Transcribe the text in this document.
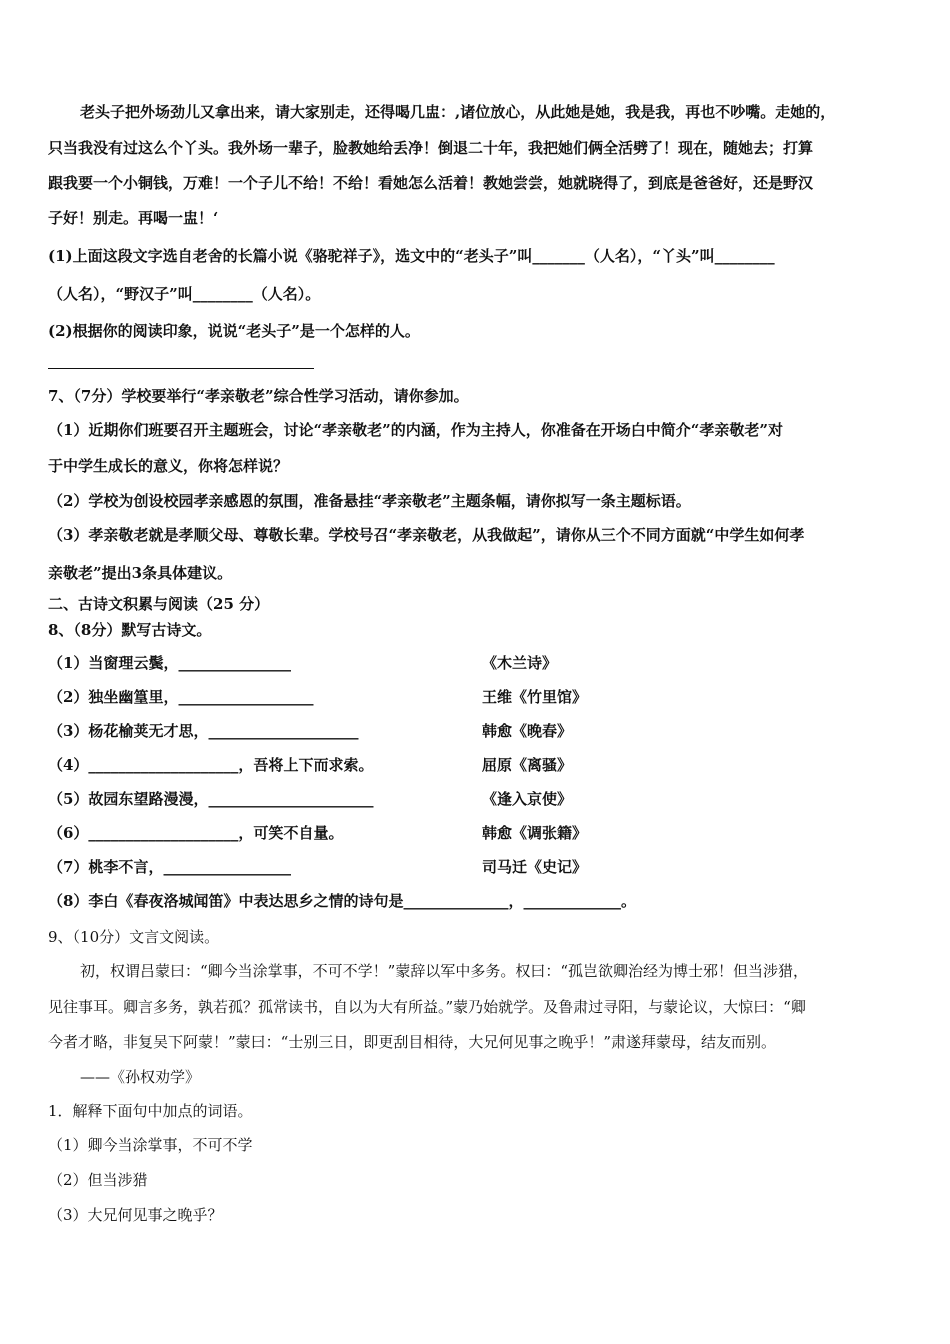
老头子把外场劲儿又拿出来，请大家别走，还得喝几盅：,诸位放心，从此她是她，我是我，再也不吵嘴。走她的，
只当我没有过这么个丫头。我外场一辈子，脸教她给丢净！倒退二十年，我把她们俩全活劈了！现在，随她去；打算
跟我要一个小铜钱，万难！一个子儿不给！不给！看她怎么活着！教她尝尝，她就晓得了，到底是爸爸好，还是野汉
子好！别走。再喝一盅！‘
(1)上面这段文字选自老舍的长篇小说《骆驼祥子》，选文中的“老头子”叫_______（人名），“丫头”叫________
（人名），“野汉子”叫________（人名）。
(2)根据你的阅读印象，说说“老头子”是一个怎样的人。
7、（7分）学校要举行“孝亲敬老”综合性学习活动，请你参加。
（1）近期你们班要召开主题班会，讨论“孝亲敬老”的内涵，作为主持人，你准备在开场白中简介“孝亲敬老”对
于中学生成长的意义，你将怎样说？
（2）学校为创设校园孝亲感恩的氛围，准备悬挂“孝亲敬老”主题条幅，请你拟写一条主题标语。
（3）孝亲敬老就是孝顺父母、尊敬长辈。学校号召“孝亲敬老，从我做起”，请你从三个不同方面就“中学生如何孝
亲敬老”提出3条具体建议。
二、古诗文积累与阅读（25 分）
8、（8分）默写古诗文。
（1）当窗理云鬓，_______________	《木兰诗》
（2）独坐幽篁里，__________________	王维《竹里馆》
（3）杨花榆荚无才思，____________________	韩愈《晚春》
（4）____________________，吾将上下而求索。	屈原《离骚》
（5）故园东望路漫漫，______________________	《逢入京使》
（6）____________________，可笑不自量。	韩愈《调张籍》
（7）桃李不言，_________________	司马迁《史记》
（8）李白《春夜洛城闻笛》中表达思乡之情的诗句是______________，_____________。
9、（10分）文言文阅读。
初，权谓吕蒙曰：“卿今当涂掌事，不可不学！”蒙辞以军中多务。权曰：“孤岂欲卿治经为博士邪！但当涉猎，
见往事耳。卿言多务，孰若孤？孤常读书，自以为大有所益。”蒙乃始就学。及鲁肃过寻阳，与蒙论议，大惊曰：“卿
今者才略，非复吴下阿蒙！”蒙曰：“士别三日，即更刮目相待，大兄何见事之晚乎！”肃遂拜蒙母，结友而别。
——《孙权劝学》
1．解释下面句中加点的词语。
（1）卿今当涂掌事，不可不学
（2）但当涉猎
（3）大兄何见事之晚乎？
